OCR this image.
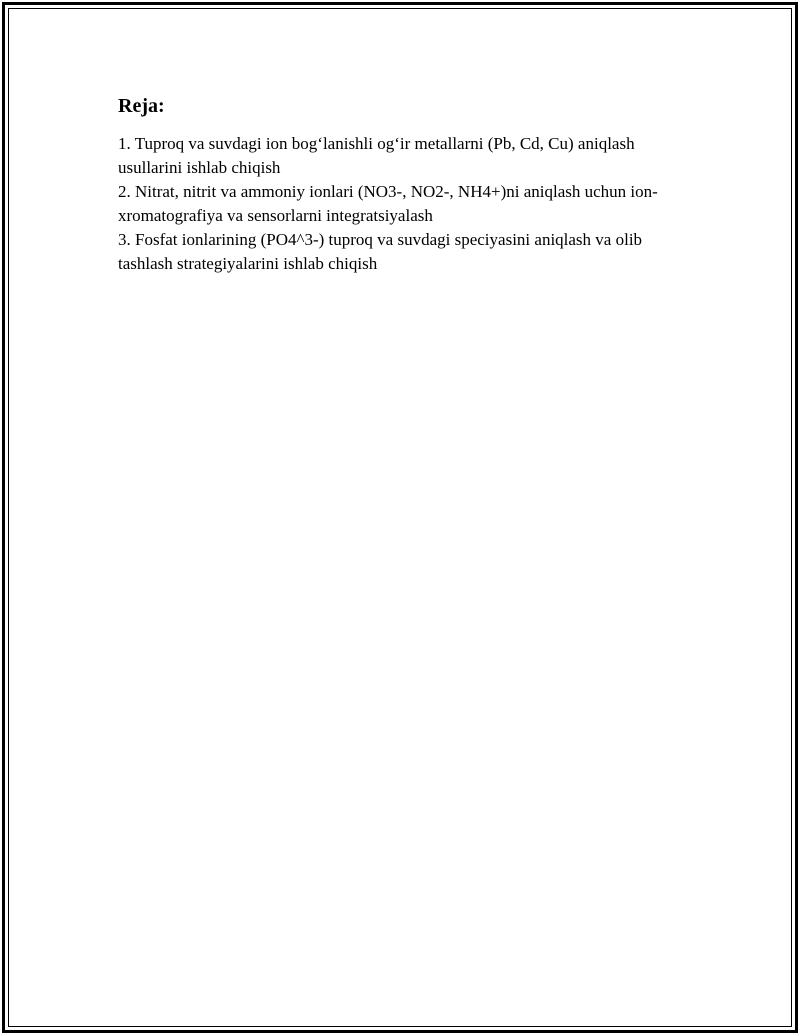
Reja:

1. Tuproq va suvdagi ion bog‘lanishli og‘ir metallarni (Pb, Cd, Cu) aniqlash usullarini ishlab chiqish

2. Nitrat, nitrit va ammoniy ionlari (NO3-, NO2-, NH4+)ni aniqlash uchun ion-xromatografiya va sensorlarni integratsiyalash

3. Fosfat ionlarining (PO4^3-) tuproq va suvdagi speciyasini aniqlash va olib tashlash strategiyalarini ishlab chiqish
